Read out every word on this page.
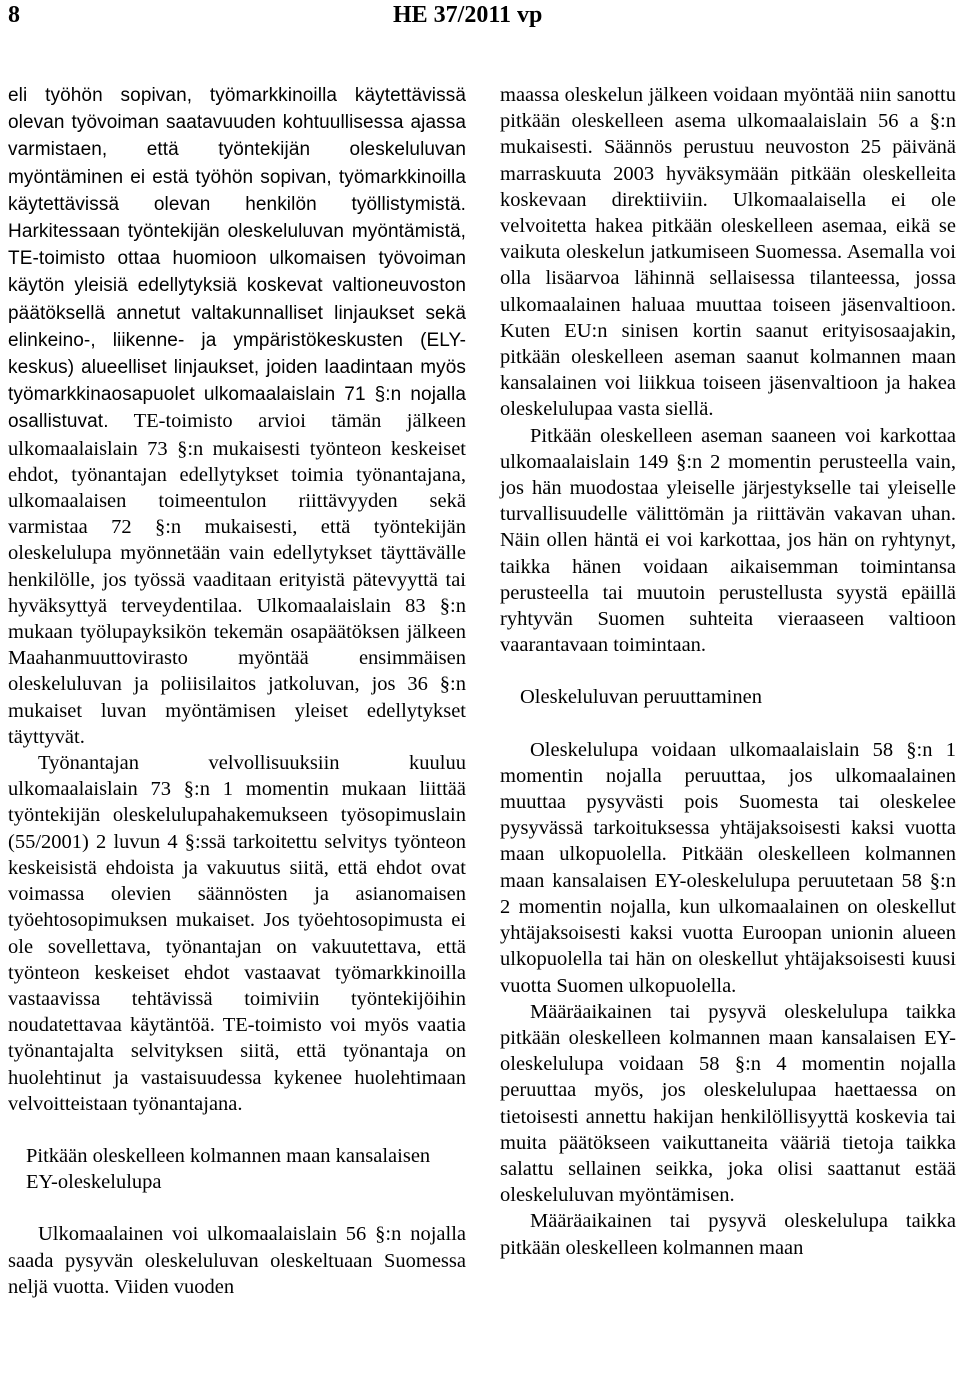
8	HE 37/2011 vp

eli työhön sopivan, työmarkkinoilla käytettävissä olevan työvoiman saatavuuden kohtuullisessa ajassa varmistaen, että työntekijän oleskeluluvan myöntäminen ei estä työhön sopivan, työmarkkinoilla käytettävissä olevan henkilön työllistymistä. Harkitessaan työntekijän oleskeluluvan myöntämistä, TE-toimisto ottaa huomioon ulkomaisen työvoiman käytön yleisiä edellytyksiä koskevat valtioneuvoston päätöksellä annetut valtakunnalliset linjaukset sekä elinkeino-, liikenne- ja ympäristökeskusten (ELY-keskus) alueelliset linjaukset, joiden laadintaan myös työmarkkinaosapuolet ulkomaalaislain 71 §:n nojalla osallistuvat. TE-toimisto arvioi tämän jälkeen ulkomaalaislain 73 §:n mukaisesti työnteon keskeiset ehdot, työnantajan edellytykset toimia työnantajana, ulkomaalaisen toimeentulon riittävyyden sekä varmistaa 72 §:n mukaisesti, että työntekijän oleskelulupa myönnetään vain edellytykset täyttävälle henkilölle, jos työssä vaaditaan erityistä pätevyyttä tai hyväksyttyä terveydentilaa. Ulkomaalaislain 83 §:n mukaan työlupayksikön tekemän osapäätöksen jälkeen Maahanmuuttovirasto myöntää ensimmäisen oleskeluluvan ja poliisilaitos jatkoluvan, jos 36 §:n mukaiset luvan myöntämisen yleiset edellytykset täyttyvät.

Työnantajan velvollisuuksiin kuuluu ulkomaalaislain 73 §:n 1 momentin mukaan liittää työntekijän oleskelulupahakemukseen työsopimuslain (55/2001) 2 luvun 4 §:ssä tarkoitettu selvitys työnteon keskeisistä ehdoista ja vakuutus siitä, että ehdot ovat voimassa olevien säännösten ja asianomaisen työehtosopimuksen mukaiset. Jos työehtosopimusta ei ole sovellettava, työnantajan on vakuutettava, että työnteon keskeiset ehdot vastaavat työmarkkinoilla vastaavissa tehtävissä toimiviin työntekijöihin noudatettavaa käytäntöä. TE-toimisto voi myös vaatia työnantajalta selvityksen siitä, että työnantaja on huolehtinut ja vastaisuudessa kykenee huolehtimaan velvoitteistaan työnantajana.

Pitkään oleskelleen kolmannen maan kansalaisen EY-oleskelulupa

Ulkomaalainen voi ulkomaalaislain 56 §:n nojalla saada pysyvän oleskeluluvan oleskeltuaan Suomessa neljä vuotta. Viiden vuoden

maassa oleskelun jälkeen voidaan myöntää niin sanottu pitkään oleskelleen asema ulkomaalaislain 56 a §:n mukaisesti. Säännös perustuu neuvoston 25 päivänä marraskuuta 2003 hyväksymään pitkään oleskelleita koskevaan direktiiviin. Ulkomaalaisella ei ole velvoitetta hakea pitkään oleskelleen asemaa, eikä se vaikuta oleskelun jatkumiseen Suomessa. Asemalla voi olla lisäarvoa lähinnä sellaisessa tilanteessa, jossa ulkomaalainen haluaa muuttaa toiseen jäsenvaltioon. Kuten EU:n sinisen kortin saanut erityisosaajakin, pitkään oleskelleen aseman saanut kolmannen maan kansalainen voi liikkua toiseen jäsenvaltioon ja hakea oleskelulupaa vasta siellä.

Pitkään oleskelleen aseman saaneen voi karkottaa ulkomaalaislain 149 §:n 2 momentin perusteella vain, jos hän muodostaa yleiselle järjestykselle tai yleiselle turvallisuudelle välittömän ja riittävän vakavan uhan. Näin ollen häntä ei voi karkottaa, jos hän on ryhtynyt, taikka hänen voidaan aikaisemman toimintansa perusteella tai muutoin perustellusta syystä epäillä ryhtyvän Suomen suhteita vieraaseen valtioon vaarantavaan toimintaan.

Oleskeluluvan peruuttaminen

Oleskelulupa voidaan ulkomaalaislain 58 §:n 1 momentin nojalla peruuttaa, jos ulkomaalainen muuttaa pysyvästi pois Suomesta tai oleskelee pysyvässä tarkoituksessa yhtäjaksoisesti kaksi vuotta maan ulkopuolella. Pitkään oleskelleen kolmannen maan kansalaisen EY-oleskelulupa peruutetaan 58 §:n 2 momentin nojalla, kun ulkomaalainen on oleskellut yhtäjaksoisesti kaksi vuotta Euroopan unionin alueen ulkopuolella tai hän on oleskellut yhtäjaksoisesti kuusi vuotta Suomen ulkopuolella.

Määräaikainen tai pysyvä oleskelulupa taikka pitkään oleskelleen kolmannen maan kansalaisen EY-oleskelulupa voidaan 58 §:n 4 momentin nojalla peruuttaa myös, jos oleskelulupaa haettaessa on tietoisesti annettu hakijan henkilöllisyyttä koskevia tai muita päätökseen vaikuttaneita vääriä tietoja taikka salattu sellainen seikka, joka olisi saattanut estää oleskeluluvan myöntämisen.

Määräaikainen tai pysyvä oleskelulupa taikka pitkään oleskelleen kolmannen maan
